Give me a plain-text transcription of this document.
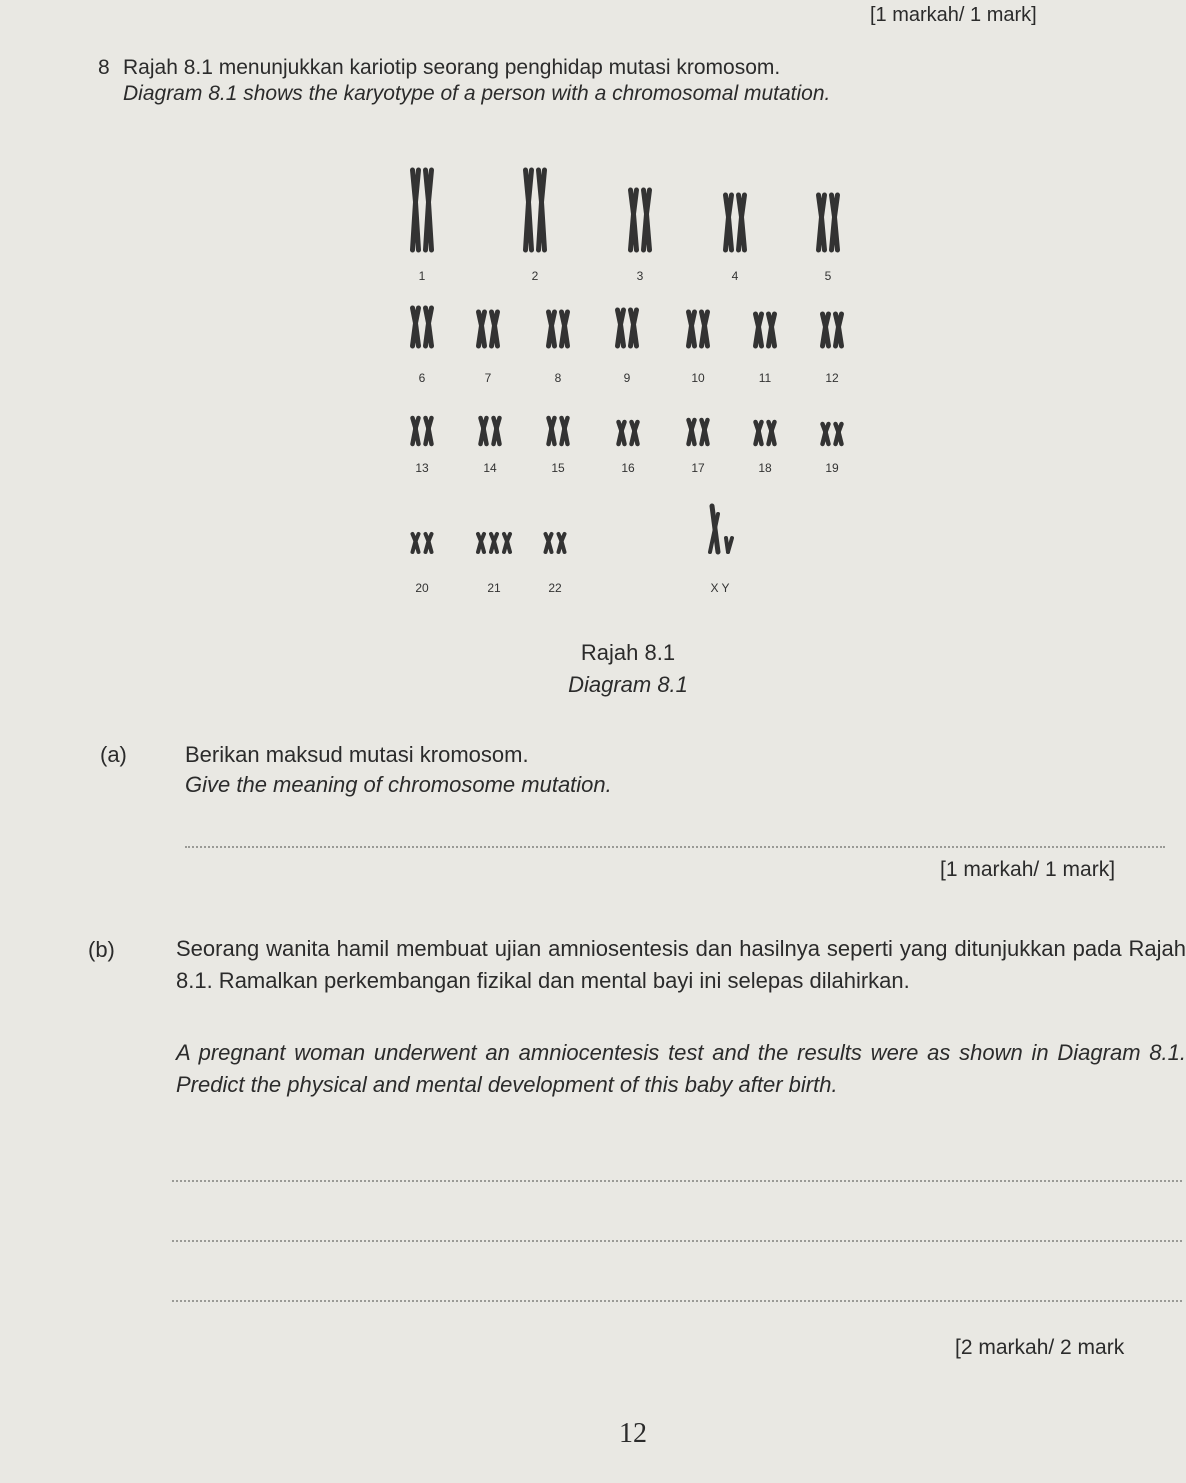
[1 markah/ 1 mark]
8 Rajah 8.1 menunjukkan kariotip seorang penghidap mutasi kromosom.
Diagram 8.1 shows the karyotype of a person with a chromosomal mutation.
1	2	3	4	5
6	7	8	9	10	11	12
13	14	15	16	17	18	19
20	21	22	X Y
Rajah 8.1
Diagram 8.1
(a)	Berikan maksud mutasi kromosom.
Give the meaning of chromosome mutation.
[1 markah/ 1 mark]
(b)	Seorang wanita hamil membuat ujian amniosentesis dan hasilnya seperti yang ditunjukkan pada Rajah 8.1. Ramalkan perkembangan fizikal dan mental bayi ini selepas dilahirkan.
A pregnant woman underwent an amniocentesis test and the results were as shown in Diagram 8.1. Predict the physical and mental development of this baby after birth.
[2 markah/ 2 mark
12
